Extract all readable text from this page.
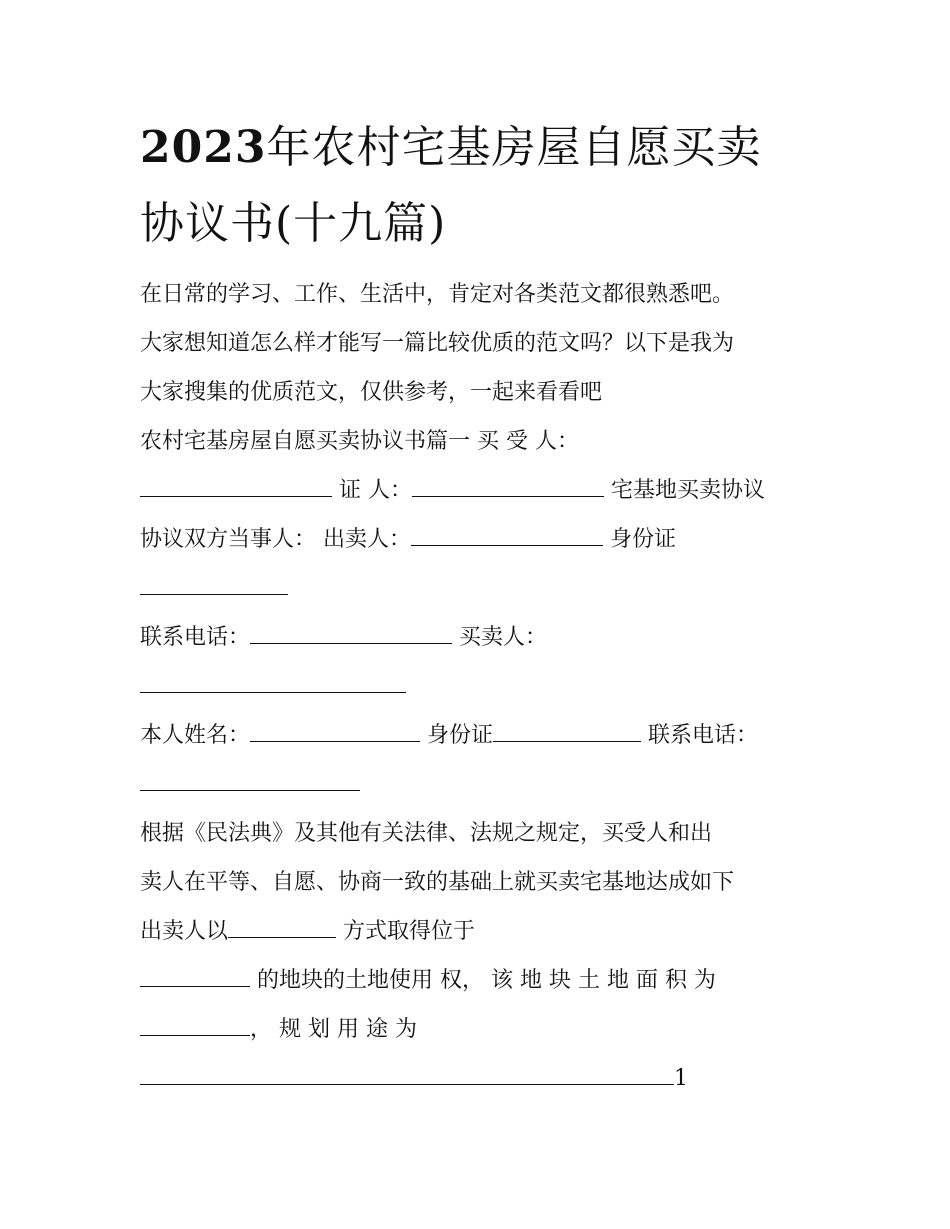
2023年农村宅基房屋自愿买卖
协议书(十九篇)

在日常的学习、工作、生活中，肯定对各类范文都很熟悉吧。

大家想知道怎么样才能写一篇比较优质的范文吗？以下是我为

大家搜集的优质范文，仅供参考，一起来看看吧

农村宅基房屋自愿买卖协议书篇一 买 受 人：

证 人：	宅基地买卖协议

协议双方当事人： 出卖人：	身份证

联系电话：	买卖人：

本人姓名：	身份证	联系电话：

根据《民法典》及其他有关法律、法规之规定，买受人和出

卖人在平等、自愿、协商一致的基础上就买卖宅基地达成如下

出卖人以	方式取得位于

的地块的土地使用 权， 该 地 块 土 地 面 积 为

， 规 划 用 途 为

1
